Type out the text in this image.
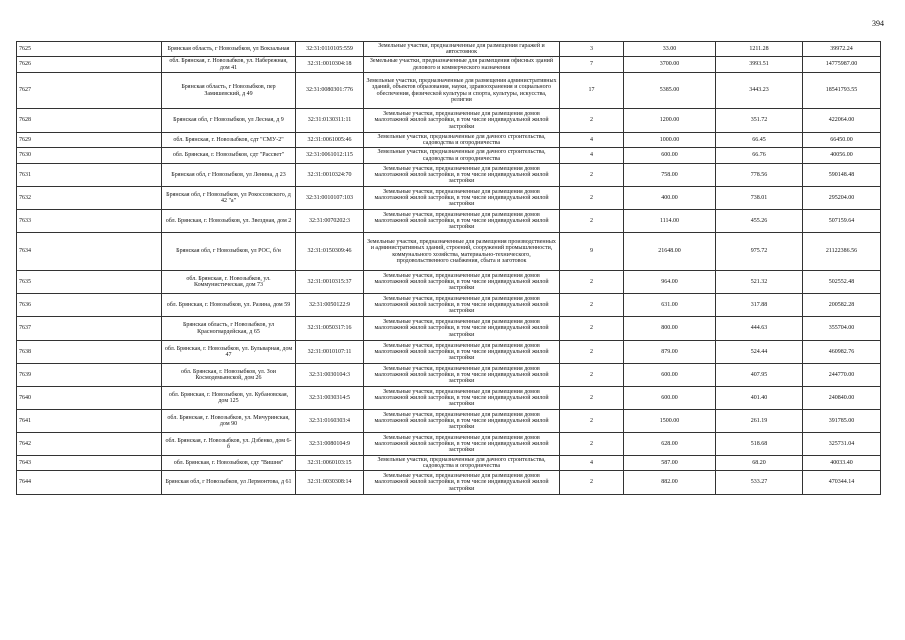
394
7625	Брянская область, г Новозыбков, ул Вокзальная	32:31:0110105:559	Земельные участки, предназначенные для размещения гаражей и автостоянок	3	33.00	1211.28	39972.24
7626	обл. Брянская, г. Новозыбков, ул. Набережная, дом 41	32:31:0010304:18	Земельные участки, предназначенные для размещения офисных зданий делового и коммерческого назначения	7	3700.00	3993.51	14775987.00
7627	Брянская область, г Новозыбков, пер Замишевский, д 49	32:31:0080301:776	Земельные участки, предназначенные для размещения административных зданий, объектов образования, науки, здравоохранения и социального обеспечения, физической культуры и спорта, культуры, искусства, религии	17	5385.00	3443.23	18541793.55
7628	Брянская обл, г Новозыбков, ул Лесная, д 9	32:31:0130311:11	Земельные участки, предназначенные для размещения домов малоэтажной жилой застройки, в том числе индивидуальной жилой застройки	2	1200.00	351.72	422064.00
7629	обл. Брянская, г. Новозыбков, сдт "СМУ-2"	32:31:0061005:46	Земельные участки, предназначенные для дачного строительства, садоводства и огородничества	4	1000.00	66.45	66450.00
7630	обл. Брянская, г. Новозыбков, сдт "Рассвет"	32:31:0061012:115	Земельные участки, предназначенные для дачного строительства, садоводства и огородничества	4	600.00	66.76	40056.00
7631	Брянская обл, г Новозыбков, ул Ленина, д 23	32:31:0010324:70	Земельные участки, предназначенные для размещения домов малоэтажной жилой застройки, в том числе индивидуальной жилой застройки	2	758.00	778.56	590148.48
7632	Брянская обл, г Новозыбков, ул Рокоссовского, д 42 "а"	32:31:0010107:103	Земельные участки, предназначенные для размещения домов малоэтажной жилой застройки, в том числе индивидуальной жилой застройки	2	400.00	738.01	295204.00
7633	обл. Брянская, г. Новозыбков, ул. Звездная, дом 2	32:31:0070202:3	Земельные участки, предназначенные для размещения домов малоэтажной жилой застройки, в том числе индивидуальной жилой застройки	2	1114.00	455.26	507159.64
7634	Брянская обл, г Новозыбков, ул РОС, б/н	32:31:0150309:46	Земельные участки, предназначенные для размещения производственных и административных зданий, строений, сооружений промышленности, коммунального хозяйства, материально-технического, продовольственного снабжения, сбыта и заготовок	9	21648.00	975.72	21122386.56
7635	обл. Брянская, г. Новозыбков, ул. Коммунистическая, дом 73	32:31:0010315:37	Земельные участки, предназначенные для размещения домов малоэтажной жилой застройки, в том числе индивидуальной жилой застройки	2	964.00	521.32	502552.48
7636	обл. Брянская, г. Новозыбков, ул. Разина, дом 59	32:31:0050122:9	Земельные участки, предназначенные для размещения домов малоэтажной жилой застройки, в том числе индивидуальной жилой застройки	2	631.00	317.88	200582.28
7637	Брянская область, г Новозыбков, ул Красногвардейская, д 65	32:31:0050317:16	Земельные участки, предназначенные для размещения домов малоэтажной жилой застройки, в том числе индивидуальной жилой застройки	2	800.00	444.63	355704.00
7638	обл. Брянская, г. Новозыбков, ул. Бульварная, дом 47	32:31:0010107:11	Земельные участки, предназначенные для размещения домов малоэтажной жилой застройки, в том числе индивидуальной жилой застройки	2	879.00	524.44	460982.76
7639	обл. Брянская, г. Новозыбков, ул. Зои Космодемьянской, дом 26	32:31:0030104:3	Земельные участки, предназначенные для размещения домов малоэтажной жилой застройки, в том числе индивидуальной жилой застройки	2	600.00	407.95	244770.00
7640	обл. Брянская, г. Новозыбков, ул. Кубановская, дом 125	32:31:0030314:5	Земельные участки, предназначенные для размещения домов малоэтажной жилой застройки, в том числе индивидуальной жилой застройки	2	600.00	401.40	240840.00
7641	обл. Брянская, г. Новозыбков, ул. Мичуринская, дом 90	32:31:0160303:4	Земельные участки, предназначенные для размещения домов малоэтажной жилой застройки, в том числе индивидуальной жилой застройки	2	1500.00	261.19	391785.00
7642	обл. Брянская, г. Новозыбков, ул. Дзбенко, дом 6-б	32:31:0080104:9	Земельные участки, предназначенные для размещения домов малоэтажной жилой застройки, в том числе индивидуальной жилой застройки	2	628.00	518.68	325731.04
7643	обл. Брянская, г. Новозыбков, сдт "Вишня"	32:31:0060103:15	Земельные участки, предназначенные для дачного строительства, садоводства и огородничества	4	587.00	68.20	40033.40
7644	Брянская обл, г Новозыбков, ул Лермонтова, д 61	32:31:0030308:14	Земельные участки, предназначенные для размещения домов малоэтажной жилой застройки, в том числе индивидуальной жилой застройки	2	882.00	533.27	470344.14
